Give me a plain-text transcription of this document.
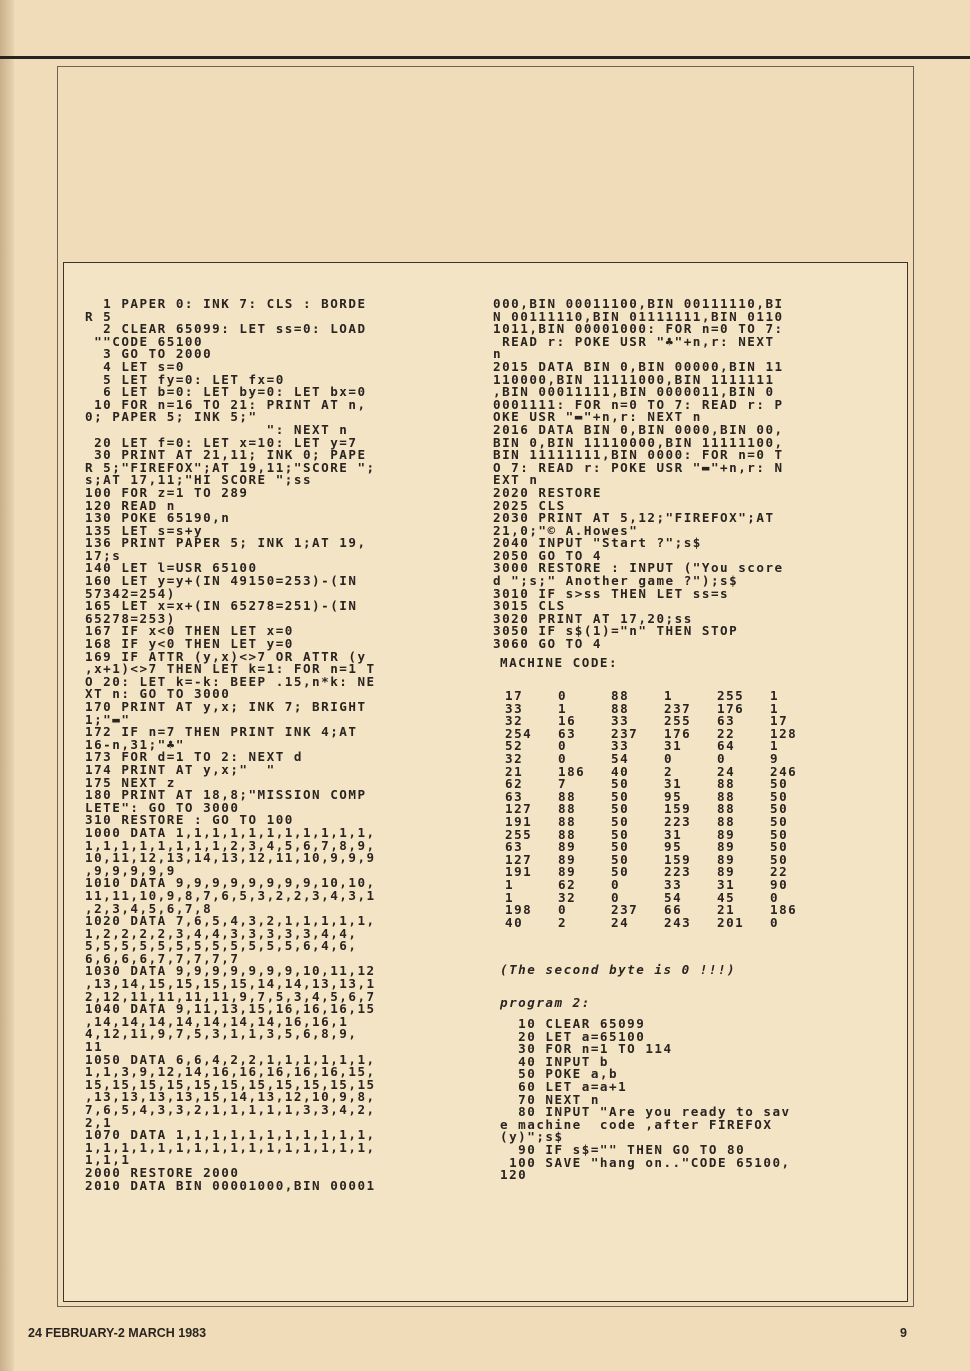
1 PAPER 0: INK 7: CLS : BORDE
R 5
2 CLEAR 65099: LET ss=0: LOAD
""CODE 65100
3 GO TO 2000
4 LET s=0
5 LET fy=0: LET fx=0
6 LET b=0: LET by=0: LET bx=0
10 FOR n=16 TO 21: PRINT AT n,
0; PAPER 5; INK 5;"
": NEXT n
20 LET f=0: LET x=10: LET y=7
30 PRINT AT 21,11; INK 0; PAPE
R 5;"FIREFOX";AT 19,11;"SCORE ";
s;AT 17,11;"HI SCORE ";ss
100 FOR z=1 TO 289
120 READ n
130 POKE 65190,n
135 LET s=s+y
136 PRINT PAPER 5; INK 1;AT 19,
17;s
140 LET l=USR 65100
160 LET y=y+(IN 49150=253)-(IN
57342=254)
165 LET x=x+(IN 65278=251)-(IN
65278=253)
167 IF x<0 THEN LET x=0
168 IF y<0 THEN LET y=0
169 IF ATTR (y,x)<>7 OR ATTR (y
,x+1)<>7 THEN LET k=1: FOR n=1 T
O 20: LET k=-k: BEEP .15,n*k: NE
XT n: GO TO 3000
170 PRINT AT y,x; INK 7; BRIGHT
1;"▬"
172 IF n=7 THEN PRINT INK 4;AT
16-n,31;"♣"
173 FOR d=1 TO 2: NEXT d
174 PRINT AT y,x;"  "
175 NEXT z
180 PRINT AT 18,8;"MISSION COMP
LETE": GO TO 3000
310 RESTORE : GO TO 100
1000 DATA 1,1,1,1,1,1,1,1,1,1,1,
1,1,1,1,1,1,1,1,2,3,4,5,6,7,8,9,
10,11,12,13,14,13,12,11,10,9,9,9
,9,9,9,9,9
1010 DATA 9,9,9,9,9,9,9,9,10,10,
11,11,10,9,8,7,6,5,3,2,2,3,4,3,1
,2,3,4,5,6,7,8
1020 DATA 7,6,5,4,3,2,1,1,1,1,1,
1,2,2,2,2,3,4,4,3,3,3,3,3,4,4,
5,5,5,5,5,5,5,5,5,5,5,5,6,4,6,
6,6,6,6,7,7,7,7,7
1030 DATA 9,9,9,9,9,9,9,10,11,12
,13,14,15,15,15,15,14,14,13,13,1
2,12,11,11,11,11,9,7,5,3,4,5,6,7
1040 DATA 9,11,13,15,16,16,16,15
,14,14,14,14,14,14,14,16,16,1
4,12,11,9,7,5,3,1,1,3,5,6,8,9,
11
1050 DATA 6,6,4,2,2,1,1,1,1,1,1,
1,1,3,9,12,14,16,16,16,16,16,15,
15,15,15,15,15,15,15,15,15,15,15
,13,13,13,13,15,14,13,12,10,9,8,
7,6,5,4,3,3,2,1,1,1,1,1,3,3,4,2,
2,1
1070 DATA 1,1,1,1,1,1,1,1,1,1,1,
1,1,1,1,1,1,1,1,1,1,1,1,1,1,1,1,
1,1,1
2000 RESTORE 2000
2010 DATA BIN 00001000,BIN 00001
000,BIN 00011100,BIN 00111110,BI
N 00111110,BIN 01111111,BIN 0110
1011,BIN 00001000: FOR n=0 TO 7:
READ r: POKE USR "♣"+n,r: NEXT
n
2015 DATA BIN 0,BIN 00000,BIN 11
110000,BIN 11111000,BIN 1111111
,BIN 00011111,BIN 0000011,BIN 0
0001111: FOR n=0 TO 7: READ r: P
OKE USR "▬"+n,r: NEXT n
2016 DATA BIN 0,BIN 0000,BIN 00,
BIN 0,BIN 11110000,BIN 11111100,
BIN 11111111,BIN 0000: FOR n=0 T
O 7: READ r: POKE USR "▬"+n,r: N
EXT n
2020 RESTORE
2025 CLS
2030 PRINT AT 5,12;"FIREFOX";AT
21,0;"© A.Howes"
2040 INPUT "Start ?";s$
2050 GO TO 4
3000 RESTORE : INPUT ("You score
d ";s;" Another game ?");s$
3010 IF s>ss THEN LET ss=s
3015 CLS
3020 PRINT AT 17,20;ss
3050 IF s$(1)="n" THEN STOP
3060 GO TO 4
MACHINE CODE:
17	0	88	1	255	1
33	1	88	237	176	1
32	16	33	255	63	17
254	63	237	176	22	128
52	0	33	31	64	1
32	0	54	0	0	9
21	186	40	2	24	246
62	7	50	31	88	50
63	88	50	95	88	50
127	88	50	159	88	50
191	88	50	223	88	50
255	88	50	31	89	50
63	89	50	95	89	50
127	89	50	159	89	50
191	89	50	223	89	22
1	62	0	33	31	90
1	32	0	54	45	0
198	0	237	66	21	186
40	2	24	243	201	0
(The second byte is 0 !!!)
program 2:
10 CLEAR 65099
20 LET a=65100
30 FOR n=1 TO 114
40 INPUT b
50 POKE a,b
60 LET a=a+1
70 NEXT n
80 INPUT "Are you ready to sav
e machine  code ,after FIREFOX
(y)";s$
90 IF s$="" THEN GO TO 80
100 SAVE "hang on.."CODE 65100,
120
24 FEBRUARY-2 MARCH 1983	9
